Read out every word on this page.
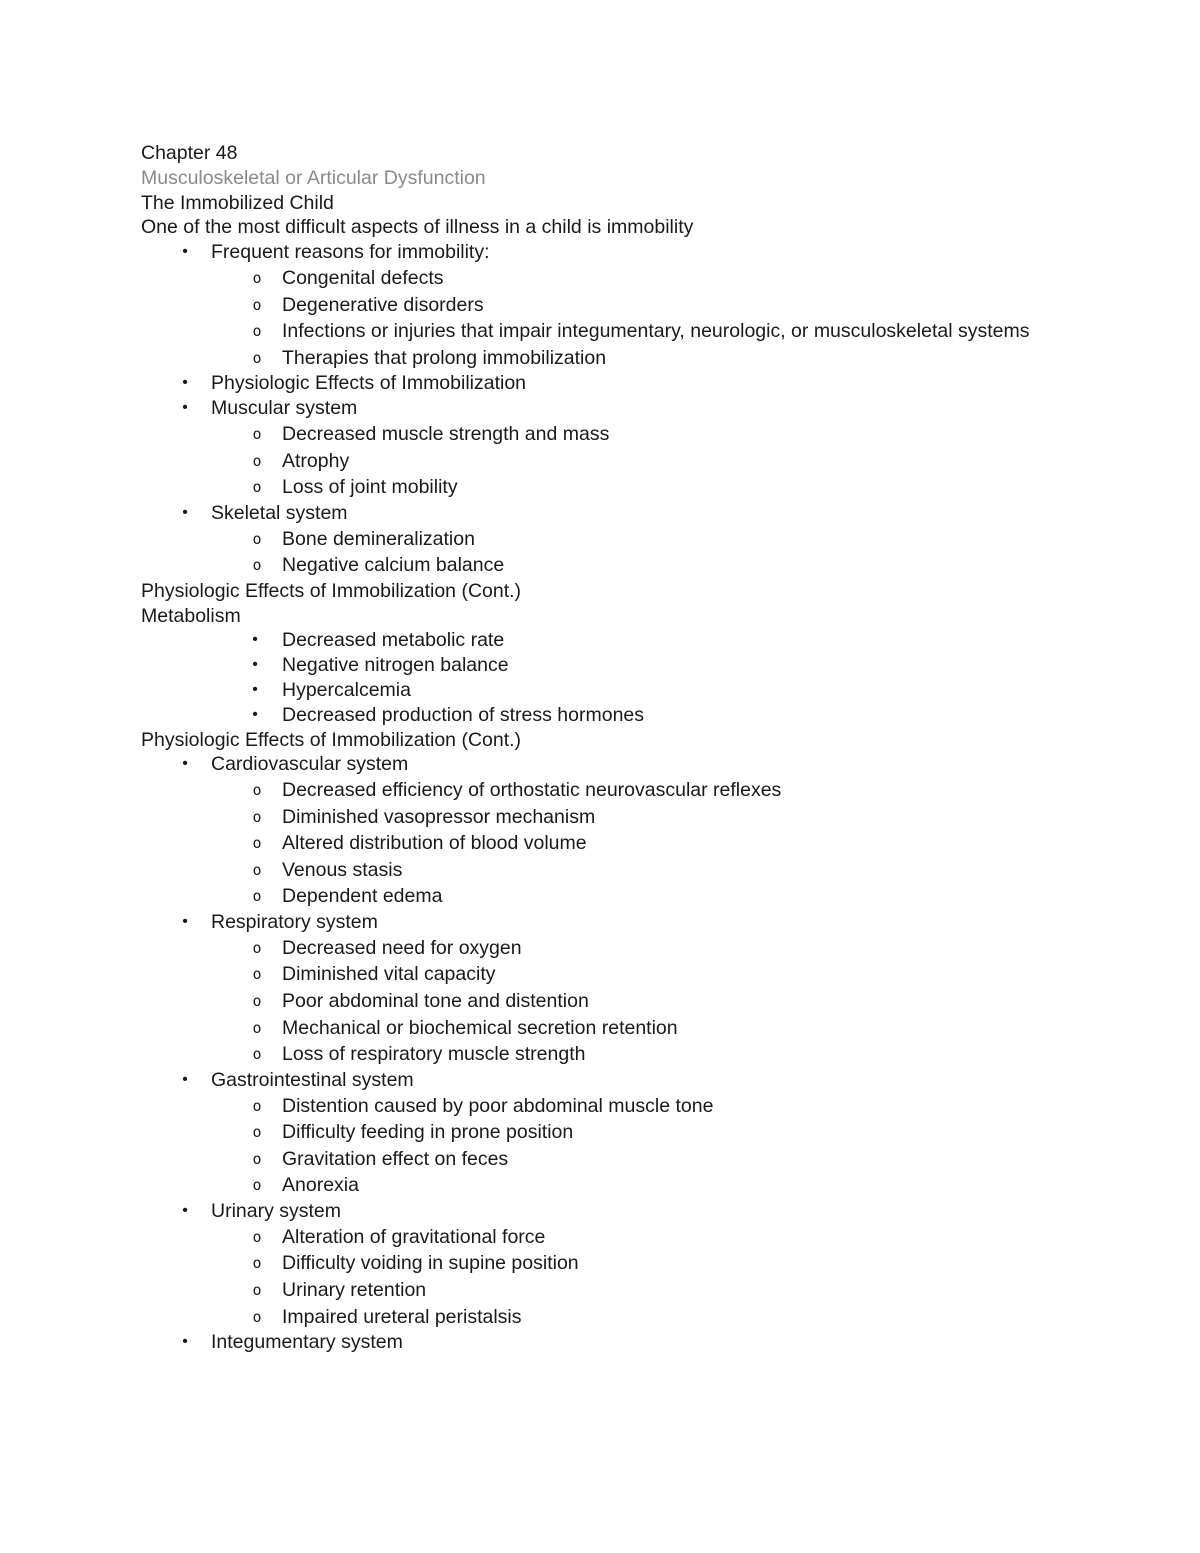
Chapter 48
Musculoskeletal or Articular Dysfunction
The Immobilized Child
One of the most difficult aspects of illness in a child is immobility
•	Frequent reasons for immobility:
o Congenital defects
o Degenerative disorders
o Infections or injuries that impair integumentary, neurologic, or musculoskeletal systems
o Therapies that prolong immobilization
•	Physiologic Effects of Immobilization
•	Muscular system
o Decreased muscle strength and mass
o Atrophy
o Loss of joint mobility
•	Skeletal system
o Bone demineralization
o Negative calcium balance
Physiologic Effects of Immobilization (Cont.)
Metabolism
•	Decreased metabolic rate
•	Negative nitrogen balance
•	Hypercalcemia
•	Decreased production of stress hormones
Physiologic Effects of Immobilization (Cont.)
•	Cardiovascular system
o Decreased efficiency of orthostatic neurovascular reflexes
o Diminished vasopressor mechanism
o Altered distribution of blood volume
o Venous stasis
o Dependent edema
•	Respiratory system
o Decreased need for oxygen
o Diminished vital capacity
o Poor abdominal tone and distention
o Mechanical or biochemical secretion retention
o Loss of respiratory muscle strength
•	Gastrointestinal system
o Distention caused by poor abdominal muscle tone
o Difficulty feeding in prone position
o Gravitation effect on feces
o Anorexia
•	Urinary system
o Alteration of gravitational force
o Difficulty voiding in supine position
o Urinary retention
o Impaired ureteral peristalsis
•	Integumentary system
